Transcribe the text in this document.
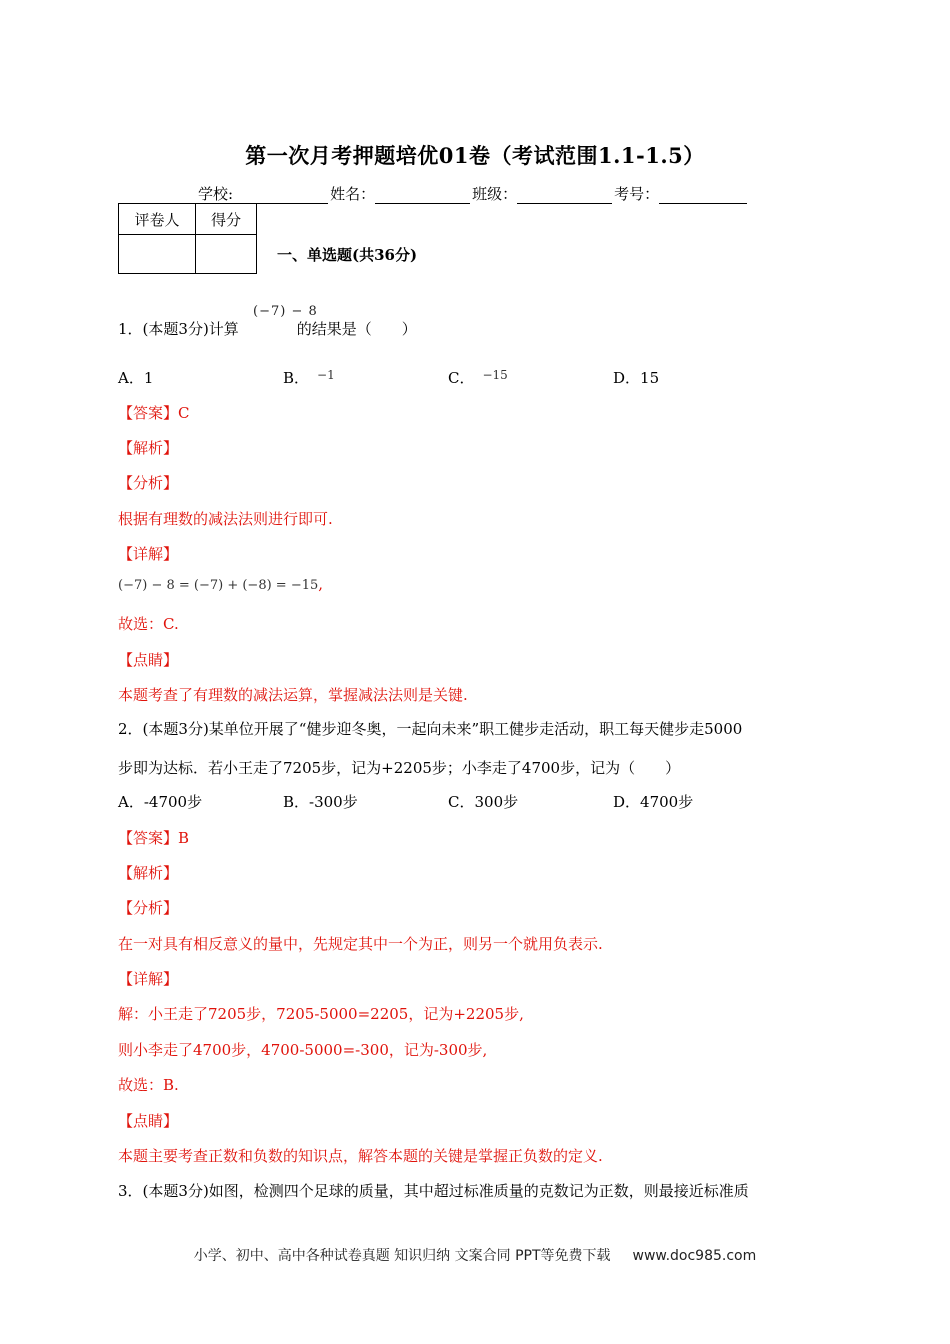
第一次月考押题培优01卷（考试范围1.1-1.5）
学校:	姓名：	班级：	考号：
评卷人	得分

一、单选题(共36分)
(−7) − 8
1．(本题3分)计算	的结果是（　　）
A．1	B． $^{-1}$	C． $^{-15}$	D．15
【答案】C
【解析】
【分析】
根据有理数的减法法则进行即可.
【详解】
(−7) − 8 = (−7) + (−8) = −15,
故选：C.
【点睛】
本题考查了有理数的减法运算，掌握减法法则是关键.
2．(本题3分)某单位开展了“健步迎冬奥，一起向未来”职工健步走活动，职工每天健步走5000
步即为达标．若小王走了7205步，记为+2205步；小李走了4700步，记为（　　）
A．-4700步	B．-300步	C．300步	D．4700步
【答案】B
【解析】
【分析】
在一对具有相反意义的量中，先规定其中一个为正，则另一个就用负表示.
【详解】
解：小王走了7205步，7205-5000=2205，记为+2205步,
则小李走了4700步，4700-5000=-300，记为-300步,
故选：B.
【点睛】
本题主要考查正数和负数的知识点，解答本题的关键是掌握正负数的定义.
3．(本题3分)如图，检测四个足球的质量，其中超过标准质量的克数记为正数，则最接近标准质
小学、初中、高中各种试卷真题 知识归纳 文案合同 PPT等免费下载 www.doc985.com
